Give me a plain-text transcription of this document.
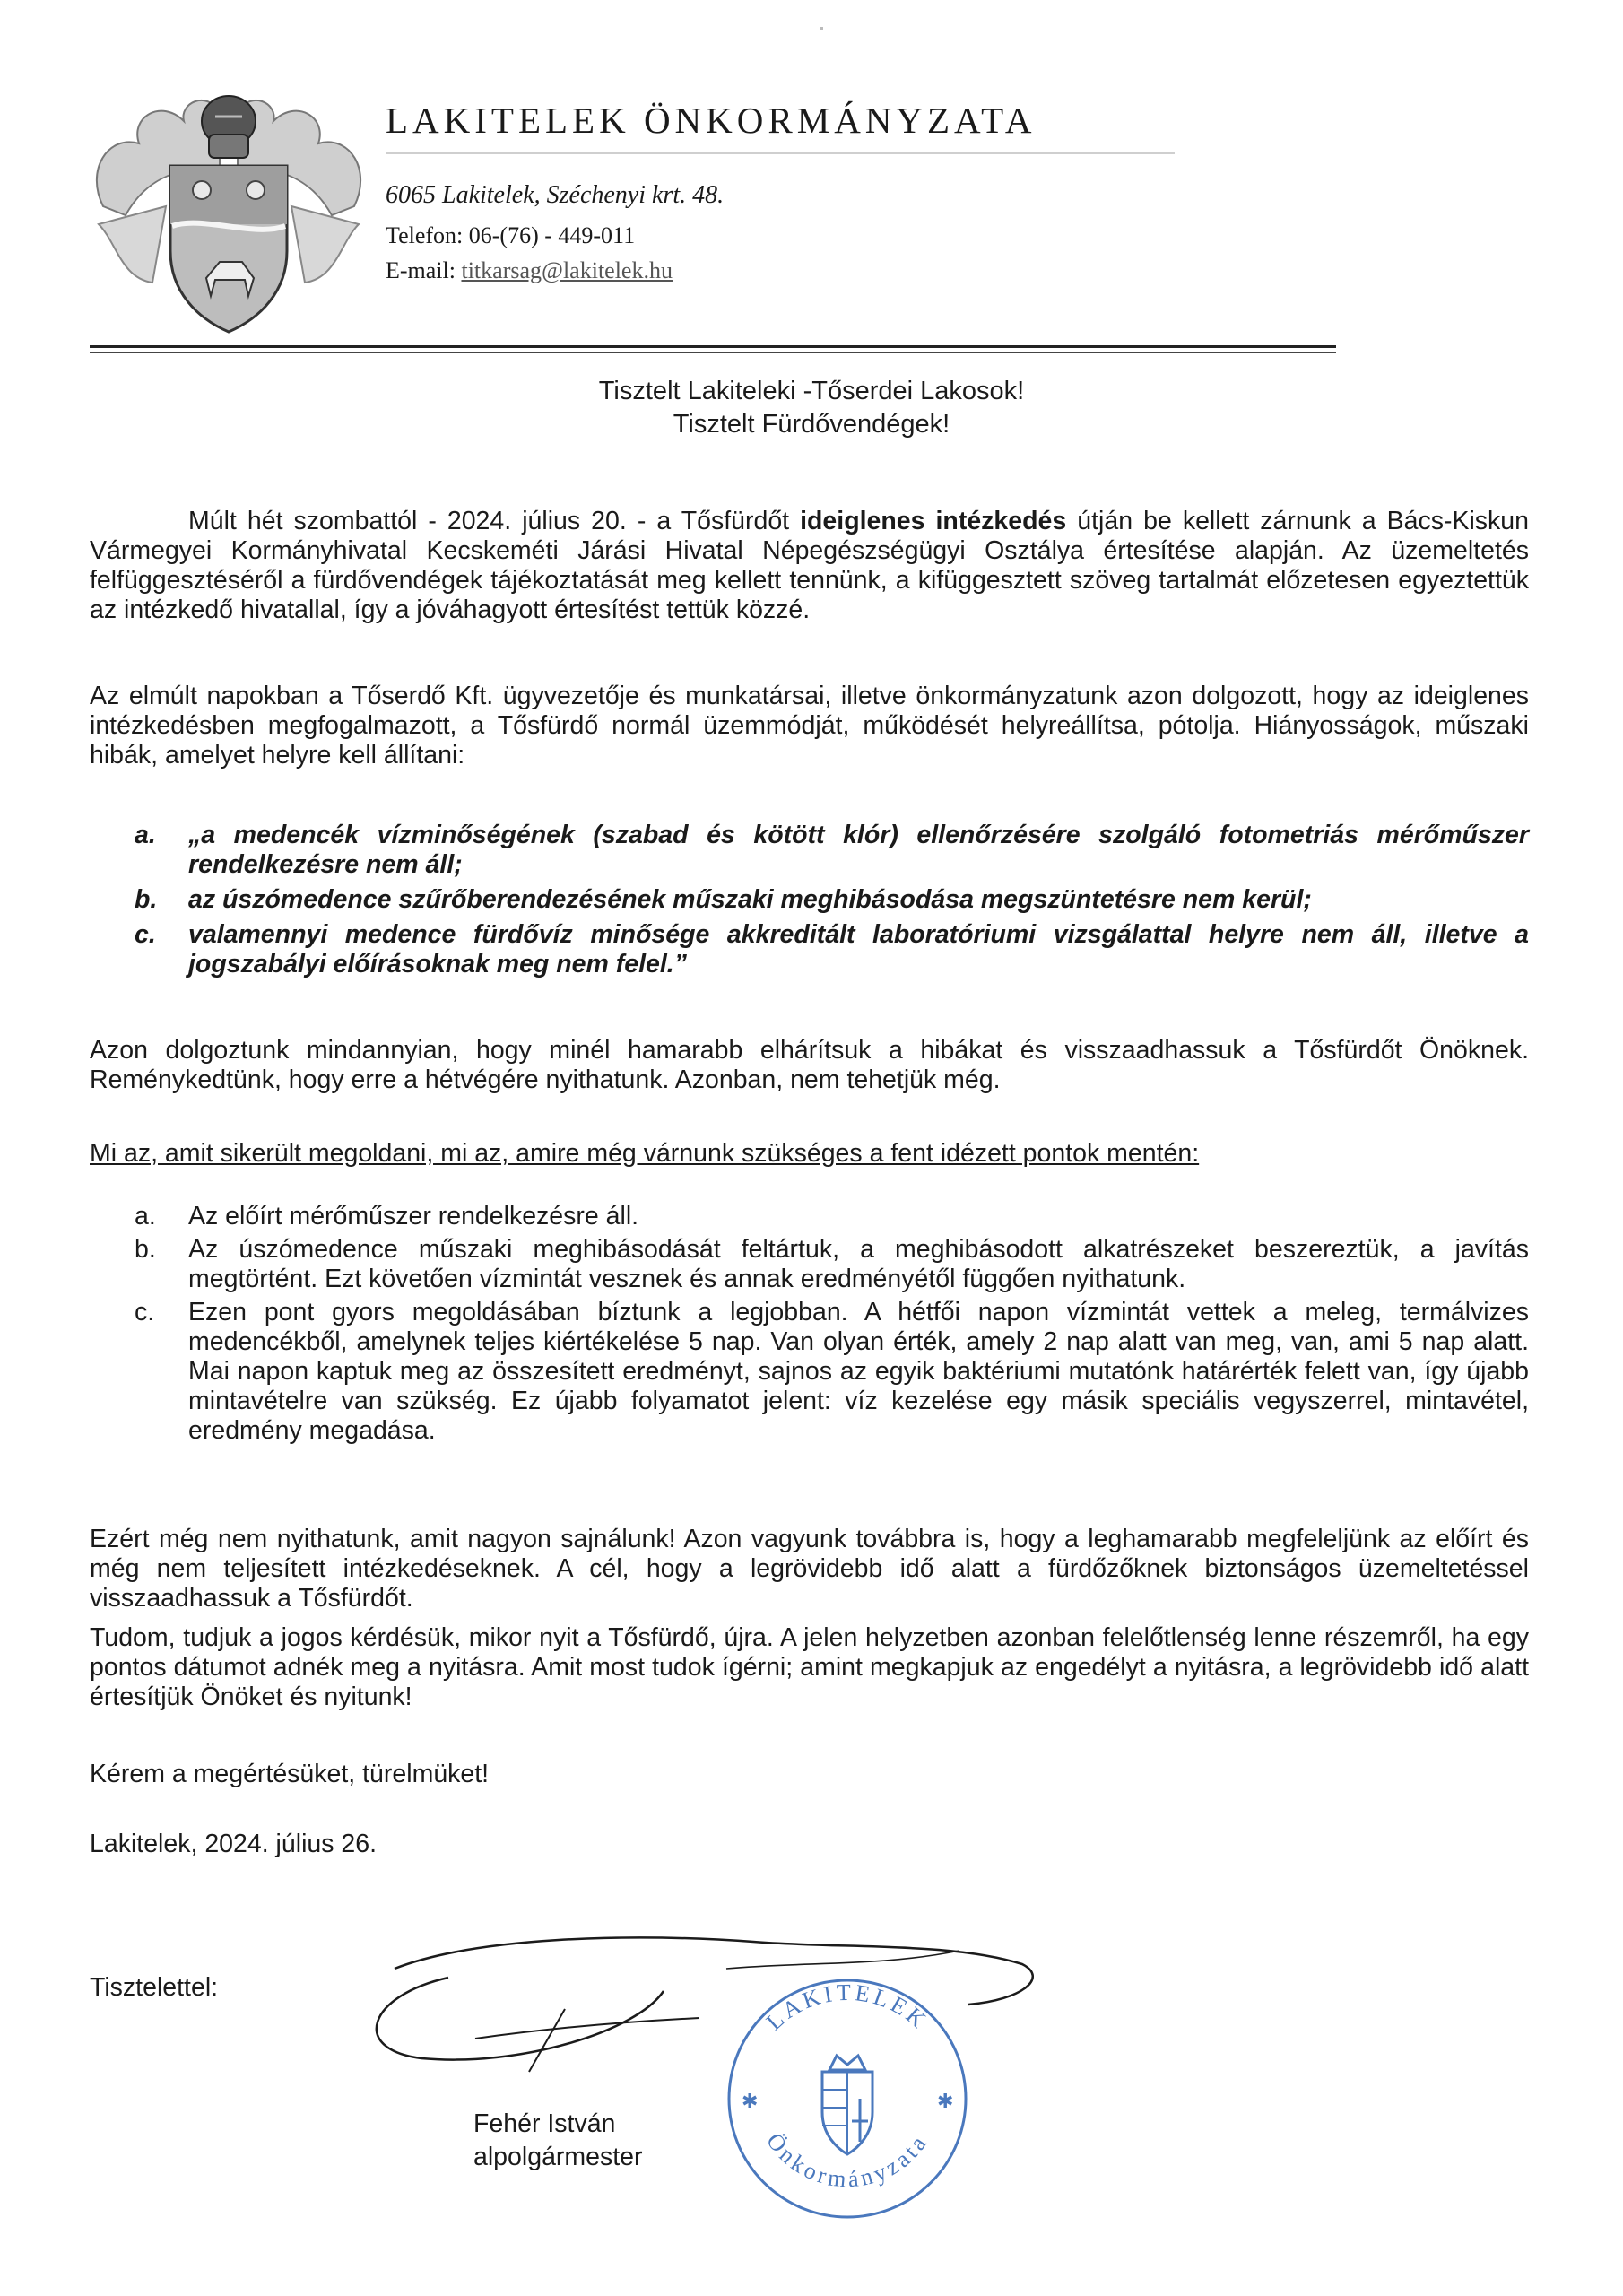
LAKITELEK ÖNKORMÁNYZATA
6065 Lakitelek, Széchenyi krt. 48.
Telefon: 06-(76) - 449-011
E-mail: titkarsag@lakitelek.hu
Tisztelt Lakiteleki -Tőserdei Lakosok!
Tisztelt Fürdővendégek!
Múlt hét szombattól - 2024. július 20. - a Tősfürdőt ideiglenes intézkedés útján be kellett zárnunk a Bács-Kiskun Vármegyei Kormányhivatal Kecskeméti Járási Hivatal Népegészségügyi Osztálya értesítése alapján. Az üzemeltetés felfüggesztéséről a fürdővendégek tájékoztatását meg kellett tennünk, a kifüggesztett szöveg tartalmát előzetesen egyeztettük az intézkedő hivatallal, így a jóváhagyott értesítést tettük közzé.
Az elmúlt napokban a Tőserdő Kft. ügyvezetője és munkatársai, illetve önkormányzatunk azon dolgozott, hogy az ideiglenes intézkedésben megfogalmazott, a Tősfürdő normál üzemmódját, működését helyreállítsa, pótolja. Hiányosságok, műszaki hibák, amelyet helyre kell állítani:
a. „a medencék vízminőségének (szabad és kötött klór) ellenőrzésére szolgáló fotometriás mérőműszer rendelkezésre nem áll;
b. az úszómedence szűrőberendezésének műszaki meghibásodása megszüntetésre nem kerül;
c. valamennyi medence fürdővíz minősége akkreditált laboratóriumi vizsgálattal helyre nem áll, illetve a jogszabályi előírásoknak meg nem felel.”
Azon dolgoztunk mindannyian, hogy minél hamarabb elhárítsuk a hibákat és visszaadhassuk a Tősfürdőt Önöknek. Reménykedtünk, hogy erre a hétvégére nyithatunk. Azonban, nem tehetjük még.
Mi az, amit sikerült megoldani, mi az, amire még várnunk szükséges a fent idézett pontok mentén:
a. Az előírt mérőműszer rendelkezésre áll.
b. Az úszómedence műszaki meghibásodását feltártuk, a meghibásodott alkatrészeket beszereztük, a javítás megtörtént. Ezt követően vízmintát vesznek és annak eredményétől függően nyithatunk.
c. Ezen pont gyors megoldásában bíztunk a legjobban. A hétfői napon vízmintát vettek a meleg, termálvizes medencékből, amelynek teljes kiértékelése 5 nap. Van olyan érték, amely 2 nap alatt van meg, van, ami 5 nap alatt. Mai napon kaptuk meg az összesített eredményt, sajnos az egyik baktériumi mutatónk határérték felett van, így újabb mintavételre van szükség. Ez újabb folyamatot jelent: víz kezelése egy másik speciális vegyszerrel, mintavétel, eredmény megadása.
Ezért még nem nyithatunk, amit nagyon sajnálunk! Azon vagyunk továbbra is, hogy a leghamarabb megfeleljünk az előírt és még nem teljesített intézkedéseknek. A cél, hogy a legrövidebb idő alatt a fürdőzőknek biztonságos üzemeltetéssel visszaadhassuk a Tősfürdőt.
Tudom, tudjuk a jogos kérdésük, mikor nyit a Tősfürdő, újra. A jelen helyzetben azonban felelőtlenség lenne részemről, ha egy pontos dátumot adnék meg a nyitásra. Amit most tudok ígérni; amint megkapjuk az engedélyt a nyitásra, a legrövidebb idő alatt értesítjük Önöket és nyitunk!
Kérem a megértésüket, türelmüket!
Lakitelek, 2024. július 26.
Tisztelettel:
Fehér István
alpolgármester
LAKITELEK
Önkormányzata
✱	✱
